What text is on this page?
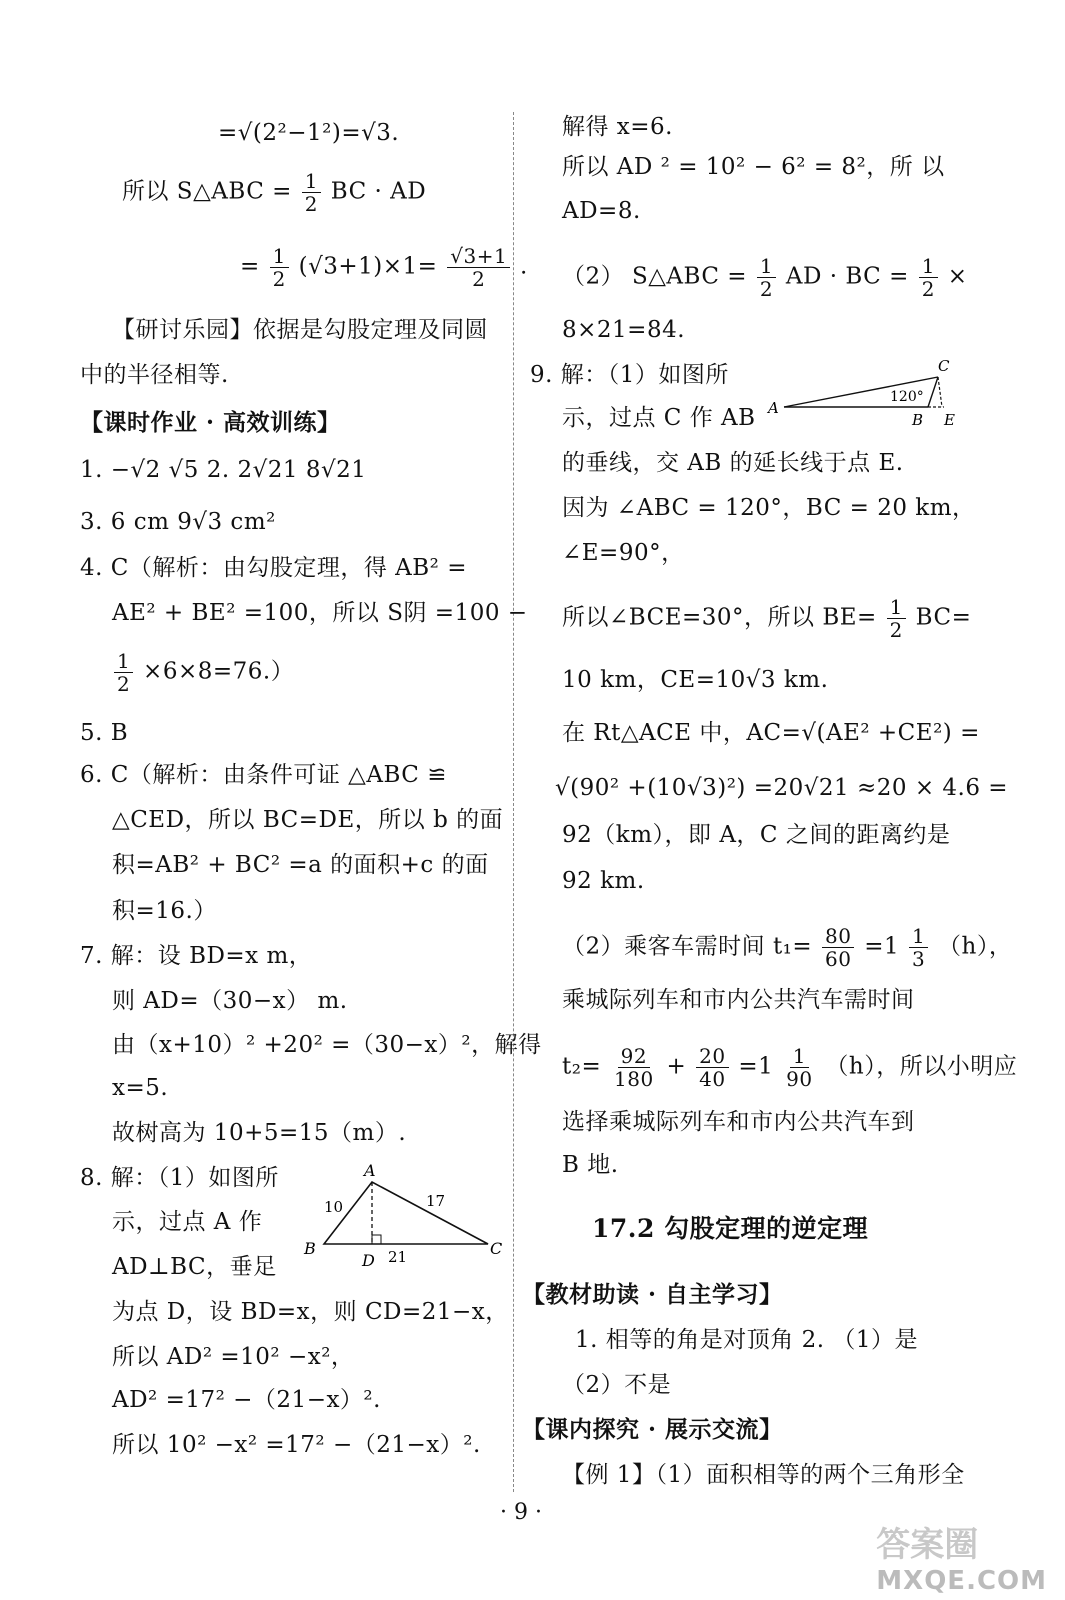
=√(2²−1²)=√3.
所以 S△ABC = $\frac{1}{2}$ BC · AD
= $\frac{1}{2} (√3+1)\times 1= \frac{√3+1}{2}$ .
【研讨乐园】依据是勾股定理及同圆
中的半径相等.
【课时作业 · 高效训练】
1. −√2 √5 2. 2√21 8√21
3. 6 cm 9√3 cm²
4. C（解析：由勾股定理，得 AB² =
AE² + BE² =100，所以 S阴 =100 −
$\frac{1}{2} \times 6\times 8=76$.）
5. B
6. C（解析：由条件可证 △ABC ≌
△CED，所以 BC=DE，所以 b 的面
积=AB² + BC² =a 的面积+c 的面
积=16.）
7. 解：设 BD=x m，
则 AD=（30−x） m.
由（x+10）² +20² =（30−x）²，解得
x=5.
故树高为 10+5=15（m）.
8. 解：（1）如图所
示，过点 A 作
AD⊥BC，垂足
为点 D，设 BD=x，则 CD=21−x，
所以 AD² =10² −x²，
AD² =17² −（21−x）².
所以 10² −x² =17² −（21−x）².
A
B	C
D
10	17
21
解得 x=6.
所以 AD ² = 10² − 6² = 8²，所 以
AD=8.
（2） S△ABC = $\frac{1}{2}$ AD · BC = $\frac{1}{2}$ ×
8×21=84.
9. 解：（1）如图所
示，过点 C 作 AB
的垂线，交 AB 的延长线于点 E.
因为 ∠ABC = 120°，BC = 20 km，
∠E=90°，
所以∠BCE=30°，所以 $BE= \frac{1}{2} BC=$
10 km，CE=10√3 km.
在 Rt△ACE 中，AC=√(AE² +CE²) =
√(90² +(10√3)²) =20√21 ≈20 × 4.6 =
92（km），即 A，C 之间的距离约是
92 km.
（2）乘客车需时间 $t_1= \frac{80}{60} =1 \frac{1}{3} (h)$，
乘城际列车和市内公共汽车需时间
$t_2= \frac{92}{180} + \frac{20}{40} =1 \frac{1}{90} (h)$，所以小明应
选择乘城际列车和市内公共汽车到
B 地.
17.2 勾股定理的逆定理
【教材助读 · 自主学习】
1. 相等的角是对顶角 2. （1）是
（2）不是
【课内探究 · 展示交流】
【例 1】（1）面积相等的两个三角形全
C
A
B E
120°
· 9 ·
答案圈
MXQE.COM
